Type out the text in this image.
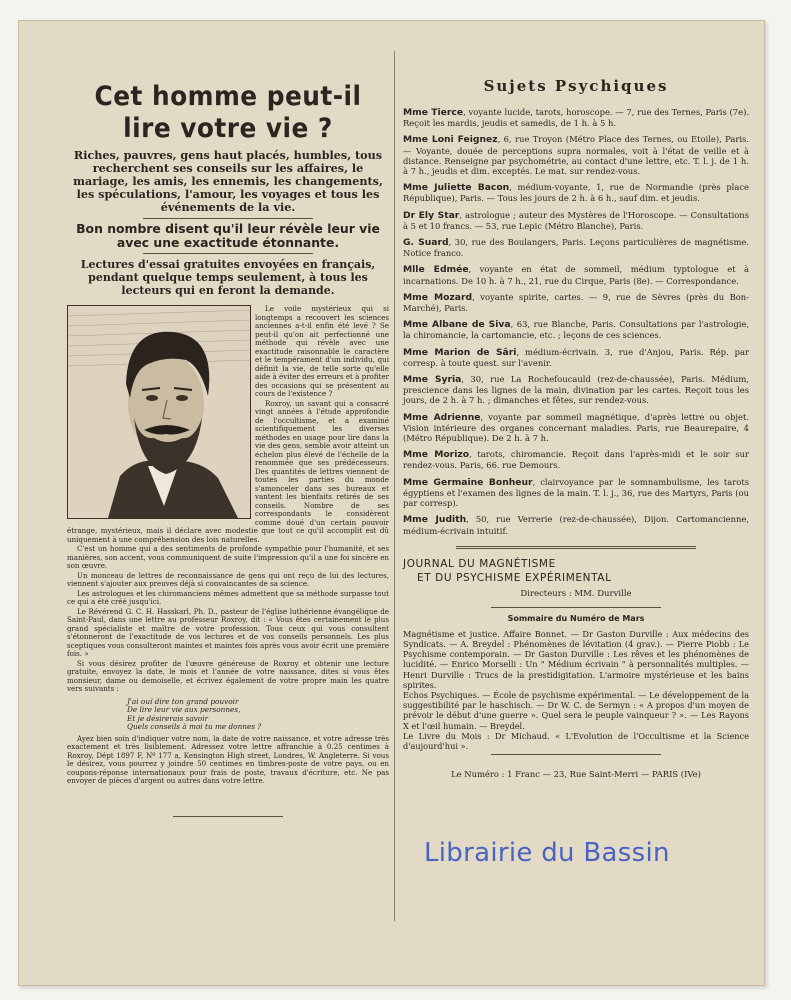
Cet homme peut-il
lire votre vie ?

Riches, pauvres, gens haut placés, humbles, tous recherchent ses conseils sur les affaires, le mariage, les amis, les ennemis, les changements, les spéculations, l'amour, les voyages et tous les événements de la vie.

Bon nombre disent qu'il leur révèle leur vie avec une exactitude étonnante.

Lectures d'essai gratuites envoyées en français, pendant quelque temps seulement, à tous les lecteurs qui en feront la demande.

Le voile mystérieux qui si longtemps a recouvert les sciences anciennes a-t-il enfin été levé ? Se peut-il qu'on ait perfectionné une méthode qui révèle avec une exactitude raisonnable le caractère et le tempérament d'un individu, qui définit la vie, de telle sorte qu'elle aide à éviter des erreurs et à profiter des occasions qui se présentent au cours de l'existence ?

Roxroy, un savant qui a consacré vingt années à l'étude approfondie de l'occultisme, et a examiné scientifiquement les diverses méthodes en usage pour lire dans la vie des gens, semble avoir atteint un échelon plus élevé de l'échelle de la renommée que ses prédécesseurs. Des quantités de lettres viennent de toutes les parties du monde s'amonceler dans ses bureaux et vantent les bienfaits retirés de ses conseils. Nombre de ses correspondants le considèrent comme doué d'un certain pouvoir étrange, mystérieux, mais il déclare avec modestie que tout ce qu'il accomplit est dû uniquement à une compréhension des lois naturelles.

C'est un homme qui a des sentiments de profonde sympathie pour l'humanité, et ses manières, son accent, vous communiquent de suite l'impression qu'il a une foi sincère en son œuvre.

Un monceau de lettres de reconnaissance de gens qui ont reçu de lui des lectures, viennent s'ajouter aux preuves déjà si convaincantes de sa science.

Les astrologues et les chiromanciens mêmes admettent que sa méthode surpasse tout ce qui a été créé jusqu'ici.

Le Révérend G. C. H. Hasskarl, Ph. D., pasteur de l'église luthérienne évangélique de Saint-Paul, dans une lettre au professeur Roxroy, dit : « Vous êtes certainement le plus grand spécialiste et maître de votre profession. Tous ceux qui vous consultent s'étonneront de l'exactitude de vos lectures et de vos conseils personnels. Les plus sceptiques vous consulteront maintes et maintes fois après vous avoir écrit une première fois. »

Si vous désirez profiter de l'œuvre généreuse de Roxroy et obtenir une lecture gratuite, envoyez la date, le mois et l'année de votre naissance, dites si vous êtes monsieur, dame ou demoiselle, et écrivez également de votre propre main les quatre vers suivants :

J'ai ouï dire ton grand pouvoir
De lire leur vie aux personnes,
Et je désirerais savoir
Quels conseils à moi tu me donnes ?

Ayez bien soin d'indiquer votre nom, la date de votre naissance, et votre adresse très exactement et très lisiblement. Adressez votre lettre affranchie à 0.25 centimes à Roxroy, Dépt 1897 F, Nº 177 a, Kensington High street, Londres, W. Angleterre. Si vous le désirez, vous pourrez y joindre 50 centimes en timbres-poste de votre pays, ou en coupons-réponse internationaux pour frais de poste, travaux d'écriture, etc. Ne pas envoyer de pièces d'argent ou autres dans votre lettre.

Sujets Psychiques

Mme Tierce, voyante lucide, tarots, horoscope. — 7, rue des Ternes, Paris (7e). Reçoit les mardis, jeudis et samedis, de 1 h. à 5 h.

Mme Loni Feignez, 6, rue Troyon (Métro Place des Ternes, ou Etoile), Paris. — Voyante, douée de perceptions supra normales, voit à l'état de veille et à distance. Renseigne par psychométrie, au contact d'une lettre, etc. T. l. j. de 1 h. à 7 h., jeudis et dim. exceptés. Le mat. sur rendez-vous.

Mme Juliette Bacon, médium-voyante, 1, rue de Normandie (près place République), Paris. — Tous les jours de 2 h. à 6 h., sauf dim. et jeudis.

Dr Ely Star, astrologue ; auteur des Mystères de l'Horoscope. — Consultations à 5 et 10 francs. — 53, rue Lepic (Métro Blanche), Paris.

G. Suard, 30, rue des Boulangers, Paris. Leçons particulières de magnétisme. Notice franco.

Mlle Edmée, voyante en état de sommeil, médium typtologue et à incarnations. De 10 h. à 7 h., 21, rue du Cirque, Paris (8e). — Correspondance.

Mme Mozard, voyante spirite, cartes. — 9, rue de Sèvres (près du Bon-Marché), Paris.

Mme Albane de Siva, 63, rue Blanche, Paris. Consultations par l'astrologie, la chiromancie, la cartomancie, etc. ; leçons de ces sciences.

Mme Marion de Sâri, médium-écrivain. 3, rue d'Anjou, Paris. Rép. par corresp. à toute quest. sur l'avenir.

Mme Syria, 30, rue La Rochefoucauld (rez-de-chaussée), Paris. Médium, prescience dans les lignes de la main, divination par les cartes. Reçoit tous les jours, de 2 h. à 7 h. ; dimanches et fêtes, sur rendez-vous.

Mme Adrienne, voyante par sommeil magnétique, d'après lettre ou objet. Vision intérieure des organes concernant maladies. Paris, rue Beaurepaire, 4 (Métro République). De 2 h. à 7 h.

Mme Morizo, tarots, chiromancie. Reçoit dans l'après-midi et le soir sur rendez-vous. Paris, 66. rue Demours.

Mme Germaine Bonheur, clairvoyance par le somnambulisme, les tarots égyptiens et l'examen des lignes de la main. T. l. j., 36, rue des Martyrs, Paris (ou par corresp).

Mme Judith, 50, rue Verrerie (rez-de-chaussée), Dijon. Cartomancienne, médium-écrivain intuitif.

JOURNAL DU MAGNÉTISME
ET DU PSYCHISME EXPÉRIMENTAL
Directeurs : MM. Durville
Sommaire du Numéro de Mars

Magnétisme et justice. Affaire Bonnet. — Dr Gaston Durville : Aux médecins des Syndicats. — A. Breydel : Phénomènes de lévitation (4 grav.). — Pierre Piobb : Le Psychisme contemporain. — Dr Gaston Durville : Les rêves et les phénomènes de lucidité. — Enrico Morselli : Un " Médium écrivain " à personnalités multiples. — Henri Durville : Trucs de la prestidigitation. L'armoire mystérieuse et les bains spirites.

Echos Psychiques. — École de psychisme expérimental. — Le développement de la suggestibilité par le haschisch. — Dr W. C. de Sermyn : « A propos d'un moyen de prévoir le début d'une guerre ». Quel sera le peuple vainqueur ? ». — Les Rayons X et l'œil humain. — Breydel.

Le Livre du Mois : Dr Michaud. « L'Evolution de l'Occultisme et la Science d'aujourd'hui ».

Le Numéro : 1 Franc — 23, Rue Saint-Merri — PARIS (IVe)
Librairie du Bassin
